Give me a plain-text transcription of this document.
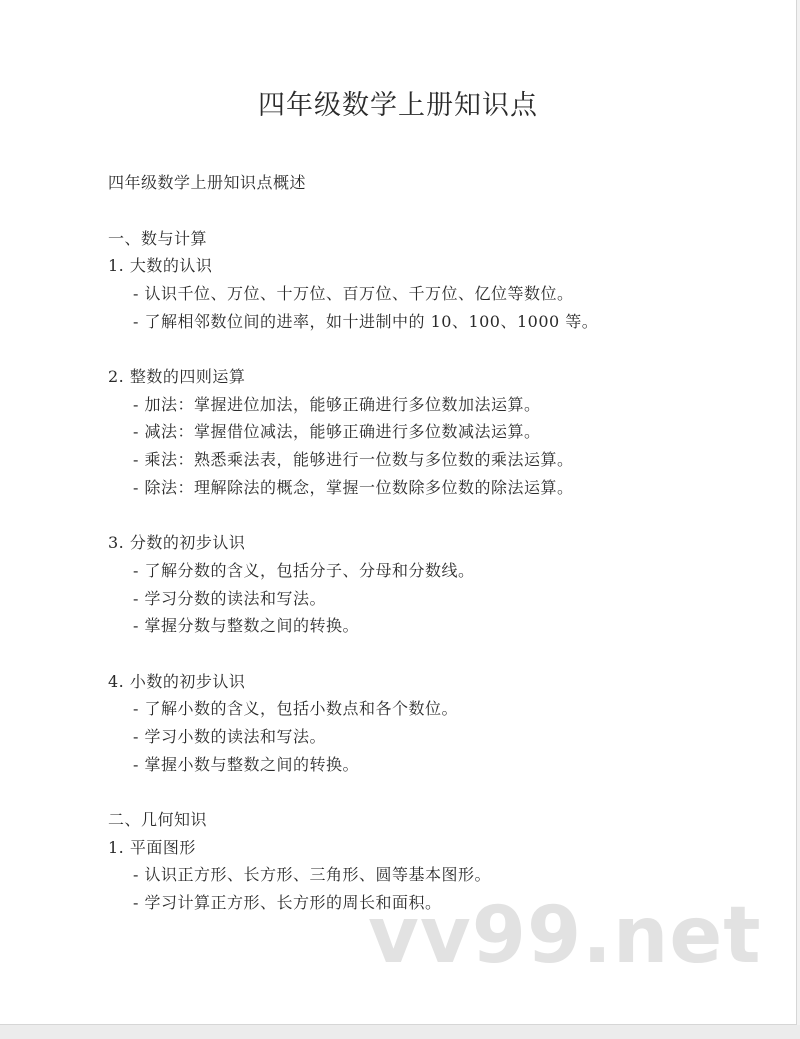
四年级数学上册知识点
四年级数学上册知识点概述
一、数与计算
1. 大数的认识
- 认识千位、万位、十万位、百万位、千万位、亿位等数位。
- 了解相邻数位间的进率，如十进制中的 10、100、1000 等。
2. 整数的四则运算
- 加法：掌握进位加法，能够正确进行多位数加法运算。
- 减法：掌握借位减法，能够正确进行多位数减法运算。
- 乘法：熟悉乘法表，能够进行一位数与多位数的乘法运算。
- 除法：理解除法的概念，掌握一位数除多位数的除法运算。
3. 分数的初步认识
- 了解分数的含义，包括分子、分母和分数线。
- 学习分数的读法和写法。
- 掌握分数与整数之间的转换。
4. 小数的初步认识
- 了解小数的含义，包括小数点和各个数位。
- 学习小数的读法和写法。
- 掌握小数与整数之间的转换。
二、几何知识
1. 平面图形
- 认识正方形、长方形、三角形、圆等基本图形。
- 学习计算正方形、长方形的周长和面积。
vv99.net
